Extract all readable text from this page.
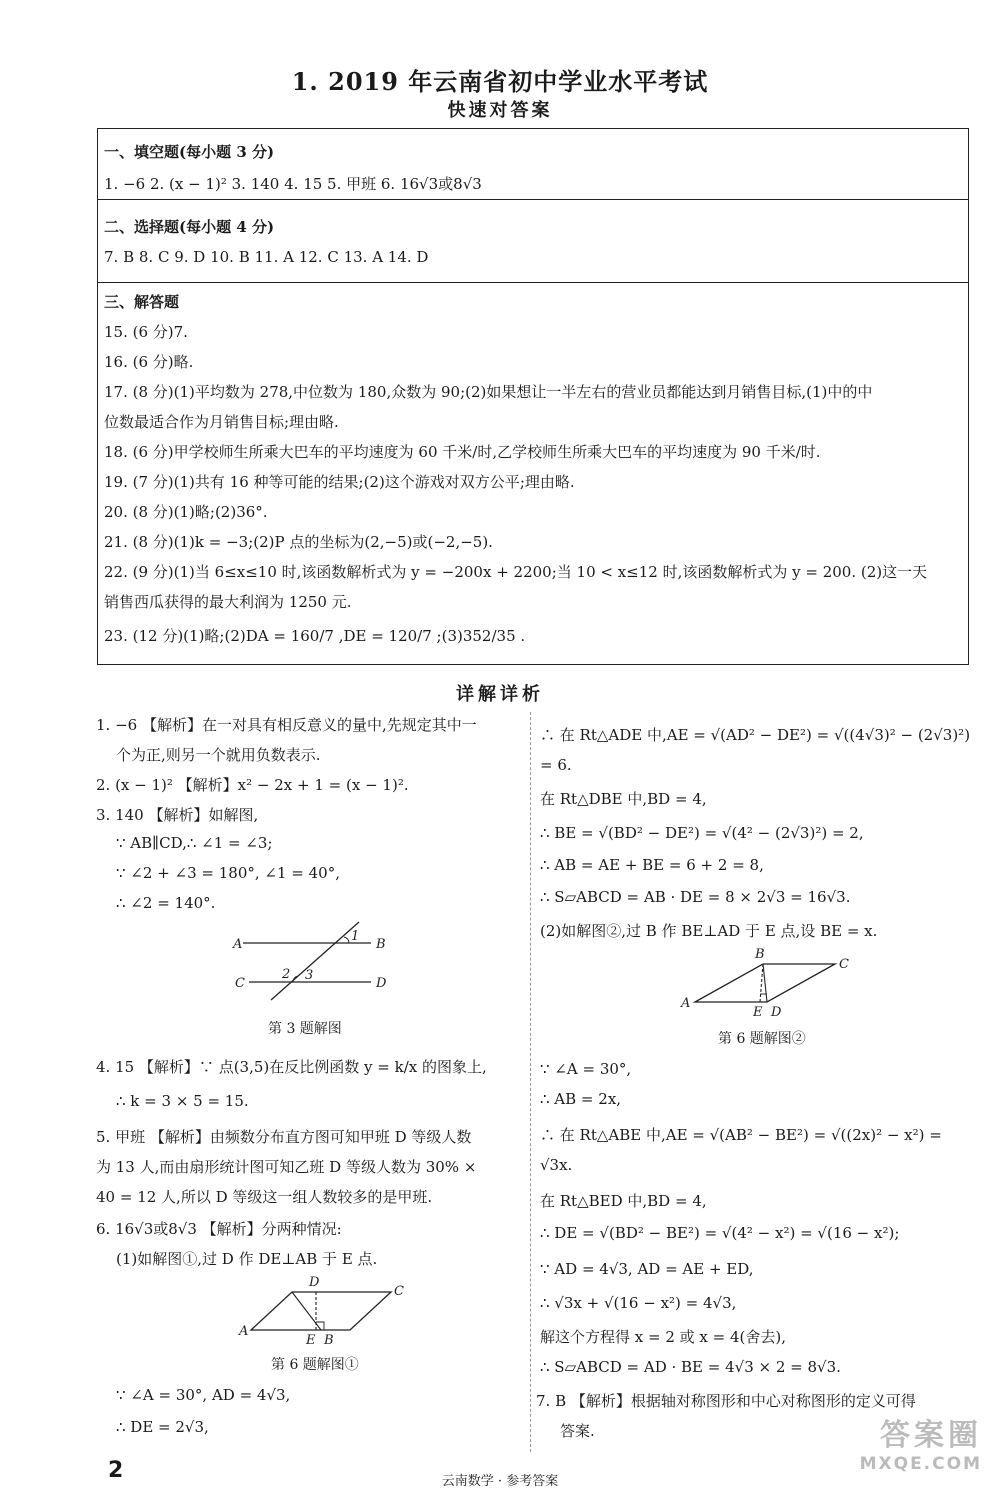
1. 2019 年云南省初中学业水平考试
快速对答案
一、填空题(每小题 3 分)
1. −6 2. (x − 1)² 3. 140 4. 15 5. 甲班 6. 16√3或8√3
二、选择题(每小题 4 分)
7. B 8. C 9. D 10. B 11. A 12. C 13. A 14. D
三、解答题
15. (6 分)7.
16. (6 分)略.
17. (8 分)(1)平均数为 278,中位数为 180,众数为 90;(2)如果想让一半左右的营业员都能达到月销售目标,(1)中的中
位数最适合作为月销售目标;理由略.
18. (6 分)甲学校师生所乘大巴车的平均速度为 60 千米/时,乙学校师生所乘大巴车的平均速度为 90 千米/时.
19. (7 分)(1)共有 16 种等可能的结果;(2)这个游戏对双方公平;理由略.
20. (8 分)(1)略;(2)36°.
21. (8 分)(1)k = −3;(2)P 点的坐标为(2,−5)或(−2,−5).
22. (9 分)(1)当 6≤x≤10 时,该函数解析式为 y = −200x + 2200;当 10 < x≤12 时,该函数解析式为 y = 200. (2)这一天
销售西瓜获得的最大利润为 1250 元.
23. (12 分)(1)略;(2)DA = 160/7 ,DE = 120/7 ;(3)352/35 .
详解详析
1. −6 【解析】在一对具有相反意义的量中,先规定其中一
个为正,则另一个就用负数表示.
2. (x − 1)² 【解析】x² − 2x + 1 = (x − 1)².
3. 140 【解析】如解图,
∵ AB∥CD,∴ ∠1 = ∠3;
∵ ∠2 + ∠3 = 180°, ∠1 = 40°,
∴ ∠2 = 140°.
A	B
C	D
1
2 3
第 3 题解图
4. 15 【解析】∵ 点(3,5)在反比例函数 y = k/x 的图象上,
∴ k = 3 × 5 = 15.
5. 甲班 【解析】由频数分布直方图可知甲班 D 等级人数
为 13 人,而由扇形统计图可知乙班 D 等级人数为 30% ×
40 = 12 人,所以 D 等级这一组人数较多的是甲班.
6. 16√3或8√3 【解析】分两种情况:
(1)如解图①,过 D 作 DE⊥AB 于 E 点.
A
B
C
D
E
第 6 题解图①
∵ ∠A = 30°, AD = 4√3,
∴ DE = 2√3,
∴ 在 Rt△ADE 中,AE = √(AD² − DE²) = √((4√3)² − (2√3)²)
= 6.
在 Rt△DBE 中,BD = 4,
∴ BE = √(BD² − DE²) = √(4² − (2√3)²) = 2,
∴ AB = AE + BE = 6 + 2 = 8,
∴ S▱ABCD = AB · DE = 8 × 2√3 = 16√3.
(2)如解图②,过 B 作 BE⊥AD 于 E 点,设 BE = x.
A
B
C
D
E
第 6 题解图②
∵ ∠A = 30°,
∴ AB = 2x,
∴ 在 Rt△ABE 中,AE = √(AB² − BE²) = √((2x)² − x²) =
√3x.
在 Rt△BED 中,BD = 4,
∴ DE = √(BD² − BE²) = √(4² − x²) = √(16 − x²);
∵ AD = 4√3, AD = AE + ED,
∴ √3x + √(16 − x²) = 4√3,
解这个方程得 x = 2 或 x = 4(舍去),
∴ S▱ABCD = AD · BE = 4√3 × 2 = 8√3.
7. B 【解析】根据轴对称图形和中心对称图形的定义可得
答案.
2	云南数学 · 参考答案
答案圈
MXQE.COM
